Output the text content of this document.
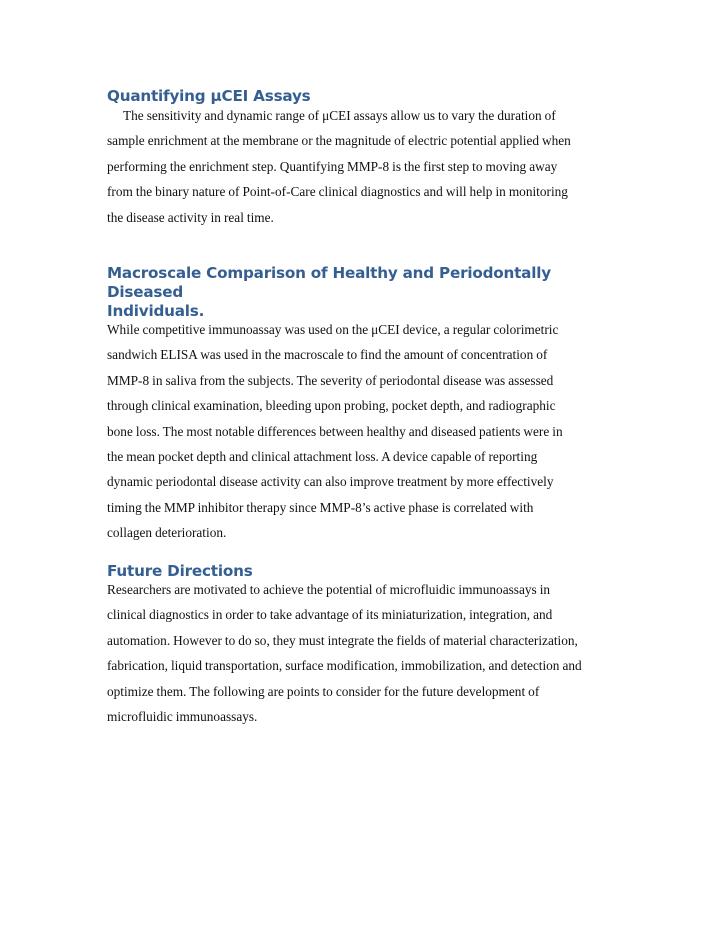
Quantifying μCEI Assays

The sensitivity and dynamic range of μCEI assays allow us to vary the duration of
sample enrichment at the membrane or the magnitude of electric potential applied when
performing the enrichment step. Quantifying MMP-8 is the first step to moving away
from the binary nature of Point-of-Care clinical diagnostics and will help in monitoring
the disease activity in real time.

Macroscale Comparison of Healthy and Periodontally Diseased
Individuals.

While competitive immunoassay was used on the μCEI device, a regular colorimetric
sandwich ELISA was used in the macroscale to find the amount of concentration of
MMP-8 in saliva from the subjects. The severity of periodontal disease was assessed
through clinical examination, bleeding upon probing, pocket depth, and radiographic
bone loss. The most notable differences between healthy and diseased patients were in
the mean pocket depth and clinical attachment loss. A device capable of reporting
dynamic periodontal disease activity can also improve treatment by more effectively
timing the MMP inhibitor therapy since MMP-8’s active phase is correlated with
collagen deterioration.

Future Directions

Researchers are motivated to achieve the potential of microfluidic immunoassays in
clinical diagnostics in order to take advantage of its miniaturization, integration, and
automation. However to do so, they must integrate the fields of material characterization,
fabrication, liquid transportation, surface modification, immobilization, and detection and
optimize them. The following are points to consider for the future development of
microfluidic immunoassays.
